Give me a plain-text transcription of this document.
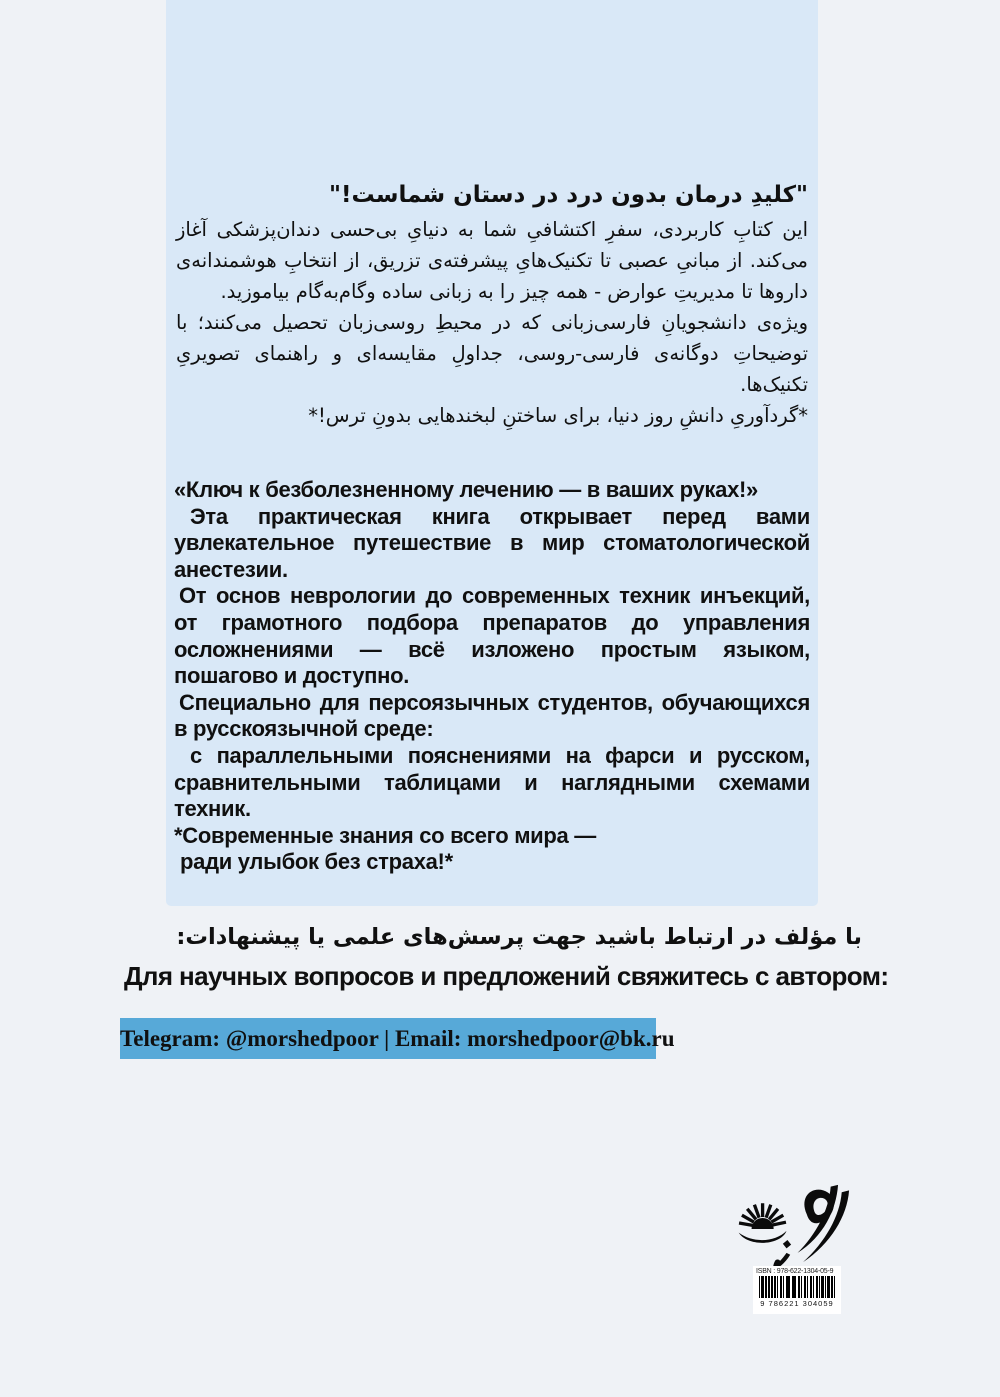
"کلیدِ درمان بدون درد در دستان شماست!"

این کتابِ کاربردی، سفرِ اکتشافیِ شما به دنیایِ بی‌حسی دندان‌پزشکی آغاز می‌کند. از مبانیِ عصبی تا تکنیک‌هایِ پیشرفته‌ی تزریق، از انتخابِ هوشمندانه‌ی داروها تا مدیریتِ عوارض - همه چیز را به زبانی ساده وگام‌به‌گام بیاموزید.

ویژه‌ی دانشجویانِ فارسی‌زبانی که در محیطِ روسی‌زبان تحصیل می‌کنند؛ با توضیحاتِ دوگانه‌ی فارسی-روسی، جداولِ مقایسه‌ای و راهنمای تصویریِ تکنیک‌ها.

*گردآوریِ دانشِ روز دنیا، برای ساختنِ لبخندهایی بدونِ ترس!*

«Ключ к безболезненному лечению — в ваших руках!»

Эта практическая книга открывает перед вами увлекательное путешествие в мир стоматологической анестезии.

От основ неврологии до современных техник инъекций, от грамотного подбора препаратов до управления осложнениями — всё изложено простым языком, пошагово и доступно.

Специально для персоязычных студентов, обучающихся в русскоязычной среде:

с параллельными пояснениями на фарси и русском, сравнительными таблицами и наглядными схемами техник.

*Современные знания со всего мира —

ради улыбок без страха!*

با مؤلف در ارتباط باشید جهت پرسش‌های علمی یا پیشنهادات:
Для научных вопросов и предложений свяжитесь с автором:
Telegram: @morshedpoor | Email: morshedpoor@bk.ru

ISBN : 978-622-1304-05-9

9 786221 304059
